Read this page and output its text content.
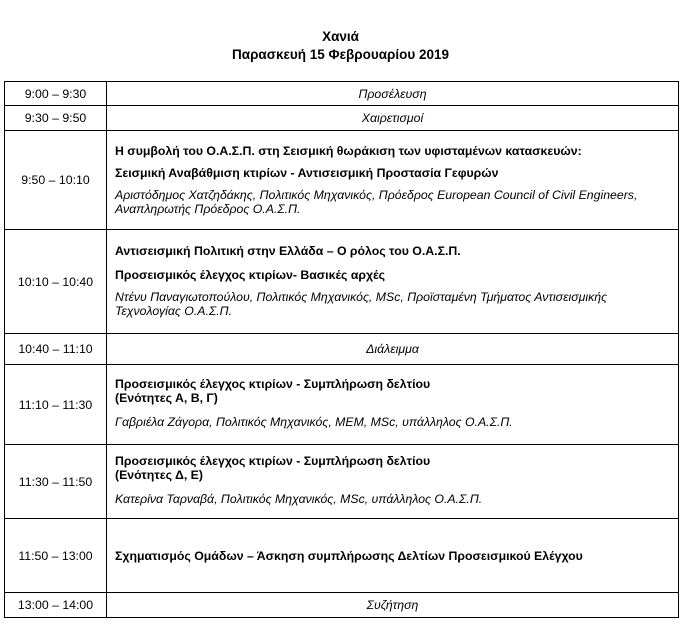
Χανιά
Παρασκευή 15 Φεβρουαρίου 2019
9:00 – 9:30	Προσέλευση
9:30 – 9:50	Χαιρετισμοί
9:50 – 10:10	Η συμβολή του Ο.Α.Σ.Π. στη Σεισμική θωράκιση των υφισταμένων κατασκευών:
Σεισμική Αναβάθμιση κτιρίων - Αντισεισμική Προστασία Γεφυρών
Αριστόδημος Χατζηδάκης, Πολιτικός Μηχανικός, Πρόεδρος European Council of Civil Engineers, Αναπληρωτής Πρόεδρος Ο.Α.Σ.Π.

10:10 – 10:40	Αντισεισμική Πολιτική στην Ελλάδα – Ο ρόλος του Ο.Α.Σ.Π.
Προσεισμικός έλεγχος κτιρίων- Βασικές αρχές
Ντένυ Παναγιωτοπούλου, Πολιτικός Μηχανικός, MSc, Προϊσταμένη Τμήματος Αντισεισμικής Τεχνολογίας Ο.Α.Σ.Π.

10:40 – 11:10	Διάλειμμα
11:10 – 11:30	Προσεισμικός έλεγχος κτιρίων - Συμπλήρωση δελτίου
(Ενότητες Α, Β, Γ)
Γαβριέλα Ζάγορα, Πολιτικός Μηχανικός, ΜΕΜ, MSc, υπάλληλος Ο.Α.Σ.Π.

11:30 – 11:50	Προσεισμικός έλεγχος κτιρίων - Συμπλήρωση δελτίου
(Ενότητες Δ, Ε)
Κατερίνα Ταρναβά, Πολιτικός Μηχανικός, MSc, υπάλληλος Ο.Α.Σ.Π.

11:50 – 13:00	Σχηματισμός Ομάδων – Άσκηση συμπλήρωσης Δελτίων Προσεισμικού Ελέγχου

13:00 – 14:00	Συζήτηση
